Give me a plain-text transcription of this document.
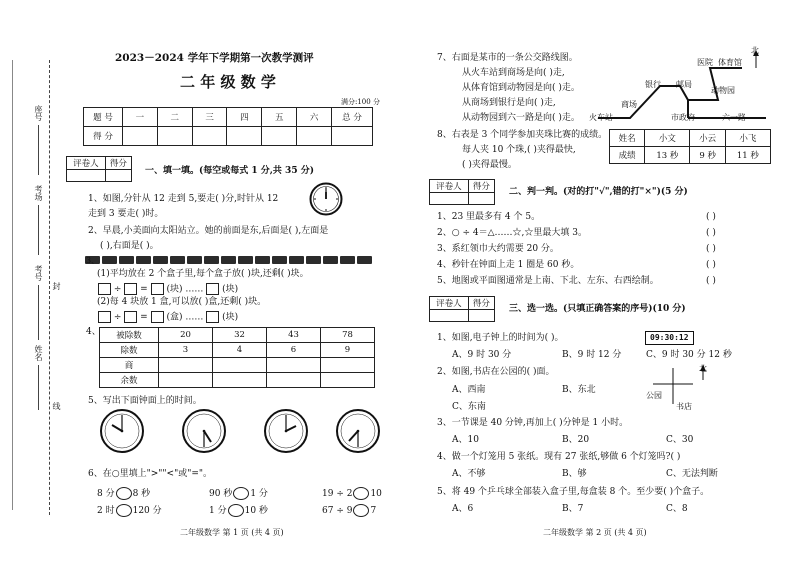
座号
考场
考号
封
姓名
线
2023－2024 学年下学期第一次教学测评
二 年 级 数 学
满分:100 分
题 号	一	二	三	四	五	六	总 分
得 分							
评卷人	得分

一、填一填。(每空或每式 1 分,共 35 分)
1、如图,分针从 12 走到 5,要走( )分,时针从 12
走到 3 要走( )时。
2、早晨,小美面向太阳站立。她的前面是东,后面是( ),左面是
( ),右面是( )。
3、
(1)平均放在 2 个盒子里,每个盒子放( )块,还剩( )块。
÷ = (块) …… (块)
(2)每 4 块放 1 盒,可以放( )盒,还剩( )块。
÷ = (盒) …… (块)
4、 被除数	20	32	43	78
除数	3	4	6	9
商				
余数				
5、写出下面钟面上的时间。
6、在○里填上">""<"或"="。
8 分 8 秒	90 秒 1 分	19 ÷ 2 10
2 时 120 分	1 分 10 秒	67 ÷ 9 7
二年级数学 第 1 页 (共 4 页)
7、右面是某市的一条公交路线图。
从火车站到商场是向( )走,
从体育馆到动物园是向( )走。
从商场到银行是向( )走,
从动物园到六一路是向( )走。
北
医院 体育馆
银行 邮局
动物园
商场
火车站	市政府	六一路
8、右表是 3 个同学参加夹珠比赛的成绩。
每人夹 10 个珠,( )夹得最快,
( )夹得最慢。
姓名	小文	小云	小飞
成绩	13 秒	9 秒	11 秒
评卷人	得分
	二、判一判。(对的打"√",错的打"×")(5 分)
1、23 里最多有 4 个 5。
2、○ ÷ 4＝△……☆,☆里最大填 3。
3、系红领巾大约需要 20 分。
4、秒针在钟面上走 1 圈是 60 秒。
5、地图或平面图通常是上南、下北、左东、右西绘制。
( )
( )
( )
( )
( )
评卷人	得分
	三、选一选。(只填正确答案的序号)(10 分)
1、如图,电子钟上的时间为( )。	09:30:12
A、9 时 30 分	B、9 时 12 分	C、9 时 30 分 12 秒
2、如图,书店在公园的( )面。	北
公园
书店
A、西南	B、东北
C、东南
3、一节课是 40 分钟,再加上( )分钟是 1 小时。
A、10	B、20	C、30
4、做一个灯笼用 5 张纸。现有 27 张纸,够做 6 个灯笼吗?( )
A、不够	B、够	C、无法判断
5、将 49 个乒乓球全部装入盒子里,每盒装 8 个。至少要( )个盒子。
A、6	B、7	C、8
二年级数学 第 2 页 (共 4 页)
